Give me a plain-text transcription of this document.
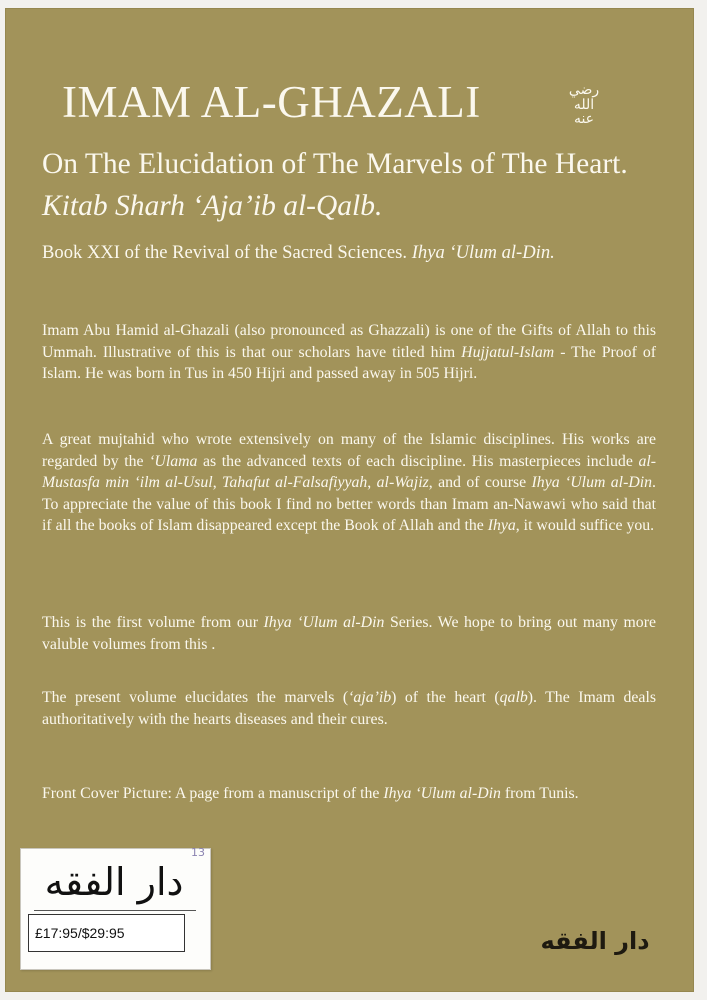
IMAM AL-GHAZALI	رضي الله عنه
On The Elucidation of The Marvels of The Heart. Kitab Sharh ‘Aja’ib al-Qalb.

Book XXI of the Revival of the Sacred Sciences. Ihya ‘Ulum al-Din.

Imam Abu Hamid al-Ghazali (also pronounced as Ghazzali) is one of the Gifts of Allah to this Ummah. Illustrative of this is that our scholars have titled him Hujjatul-Islam - The Proof of Islam. He was born in Tus in 450 Hijri and passed away in 505 Hijri.

A great mujtahid who wrote extensively on many of the Islamic disciplines. His works are regarded by the ‘Ulama as the advanced texts of each discipline. His masterpieces include al-Mustasfa min ‘ilm al-Usul, Tahafut al-Falsafiyyah, al-Wajiz, and of course Ihya ‘Ulum al-Din. To appreciate the value of this book I find no better words than Imam an-Nawawi who said that if all the books of Islam disappeared except the Book of Allah and the Ihya, it would suffice you.

This is the first volume from our Ihya ‘Ulum al-Din Series. We hope to bring out many more valuble volumes from this .

The present volume elucidates the marvels (‘aja’ib) of the heart (qalb). The Imam deals authoritatively with the hearts diseases and their cures.

Front Cover Picture: A page from a manuscript of the Ihya ‘Ulum al-Din from Tunis.

دار الفقه
13
دار الفقه
£17:95/$29:95
